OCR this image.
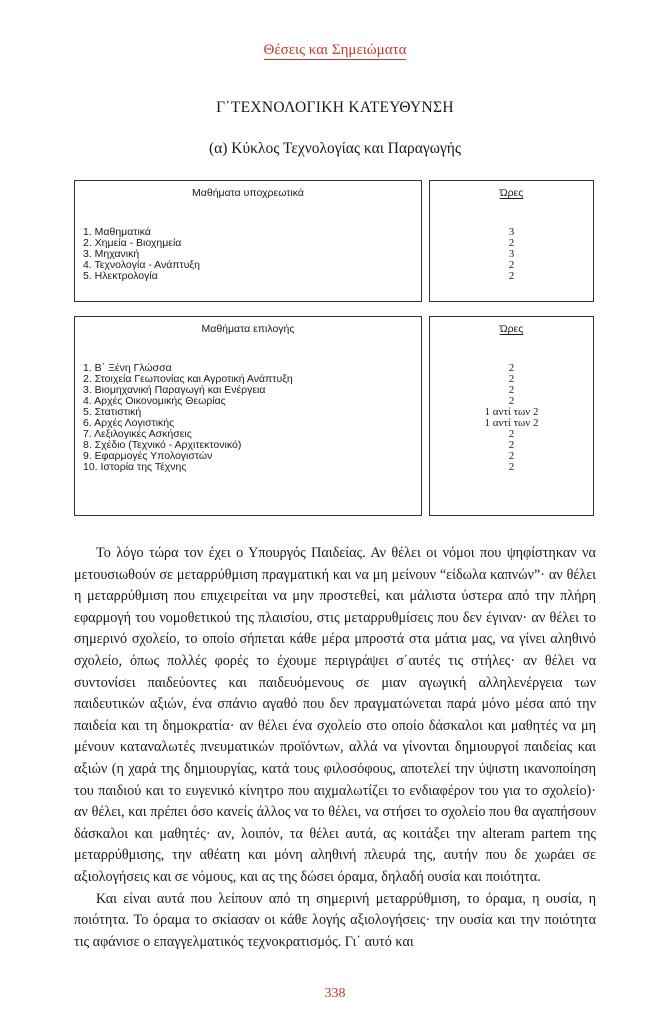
Θέσεις και Σημειώματα
Γ΄ΤΕΧΝΟΛΟΓΙΚΗ ΚΑΤΕΥΘΥΝΣΗ
(α) Κύκλος Τεχνολογίας και Παραγωγής
Μαθήματα υποχρεωτικά
1. Μαθηματικά
2. Χημεία - Βιοχημεία
3. Μηχανική
4. Τεχνολογία - Ανάπτυξη
5. Ηλεκτρολογία
Ώρες
3
2
3
2
2
Μαθήματα επιλογής
1. Β΄ Ξένη Γλώσσα
2. Στοιχεία Γεωπονίας και Αγροτική Ανάπτυξη
3. Βιομηχανική Παραγωγή και Ενέργεια
4. Αρχές Οικονομικής Θεωρίας
5. Στατιστική
6. Αρχές Λογιστικής
7. Λεξιλογικές Ασκήσεις
8. Σχέδιο (Τεχνικό - Αρχιτεκτονικό)
9. Εφαρμογές Υπολογιστών
10. Ιστορία της Τέχνης
Ώρες
2
2
2
2
1 αντί των 2
1 αντί των 2
2
2
2
2

Το λόγο τώρα τον έχει ο Υπουργός Παιδείας. Αν θέλει οι νόμοι που ψηφίστηκαν να μετουσιωθούν σε μεταρρύθμιση πραγματική και να μη μείνουν “είδωλα καπνών”· αν θέλει η μεταρρύθμιση που επιχειρείται να μην προστεθεί, και μάλιστα ύστερα από την πλήρη εφαρμογή του νομοθετικού της πλαισίου, στις μεταρρυθμίσεις που δεν έγιναν· αν θέλει το σημερινό σχολείο, το οποίο σήπεται κάθε μέρα μπροστά στα μάτια μας, να γίνει αληθινό σχολείο, όπως πολλές φορές το έχουμε περιγράψει σ΄αυτές τις στήλες· αν θέλει να συντονίσει παιδεύοντες και παιδευόμενους σε μιαν αγωγική αλληλενέργεια των παιδευτικών αξιών, ένα σπάνιο αγαθό που δεν πραγματώνεται παρά μόνο μέσα από την παιδεία και τη δημοκρατία· αν θέλει ένα σχολείο στο οποίο δάσκαλοι και μαθητές να μη μένουν καταναλωτές πνευματικών προϊόντων, αλλά να γίνονται δημιουργοί παιδείας και αξιών (η χαρά της δημιουργίας, κατά τους φιλοσόφους, αποτελεί την ύψιστη ικανοποίηση του παιδιού και το ευγενικό κίνητρο που αιχμαλωτίζει το ενδιαφέρον του για το σχολείο)· αν θέλει, και πρέπει όσο κανείς άλλος να το θέλει, να στήσει το σχολείο που θα αγαπήσουν δάσκαλοι και μαθητές· αν, λοιπόν, τα θέλει αυτά, ας κοιτάξει την alteram partem της μεταρρύθμισης, την αθέατη και μόνη αληθινή πλευρά της, αυτήν που δε χωράει σε αξιολογήσεις και σε νόμους, και ας της δώσει όραμα, δηλαδή ουσία και ποιότητα.

Και είναι αυτά που λείπουν από τη σημερινή μεταρρύθμιση, το όραμα, η ουσία, η ποιότητα. Το όραμα το σκίασαν οι κάθε λογής αξιολογήσεις· την ουσία και την ποιότητα τις αφάνισε ο επαγγελματικός τεχνοκρατισμός. Γι΄ αυτό και

338
